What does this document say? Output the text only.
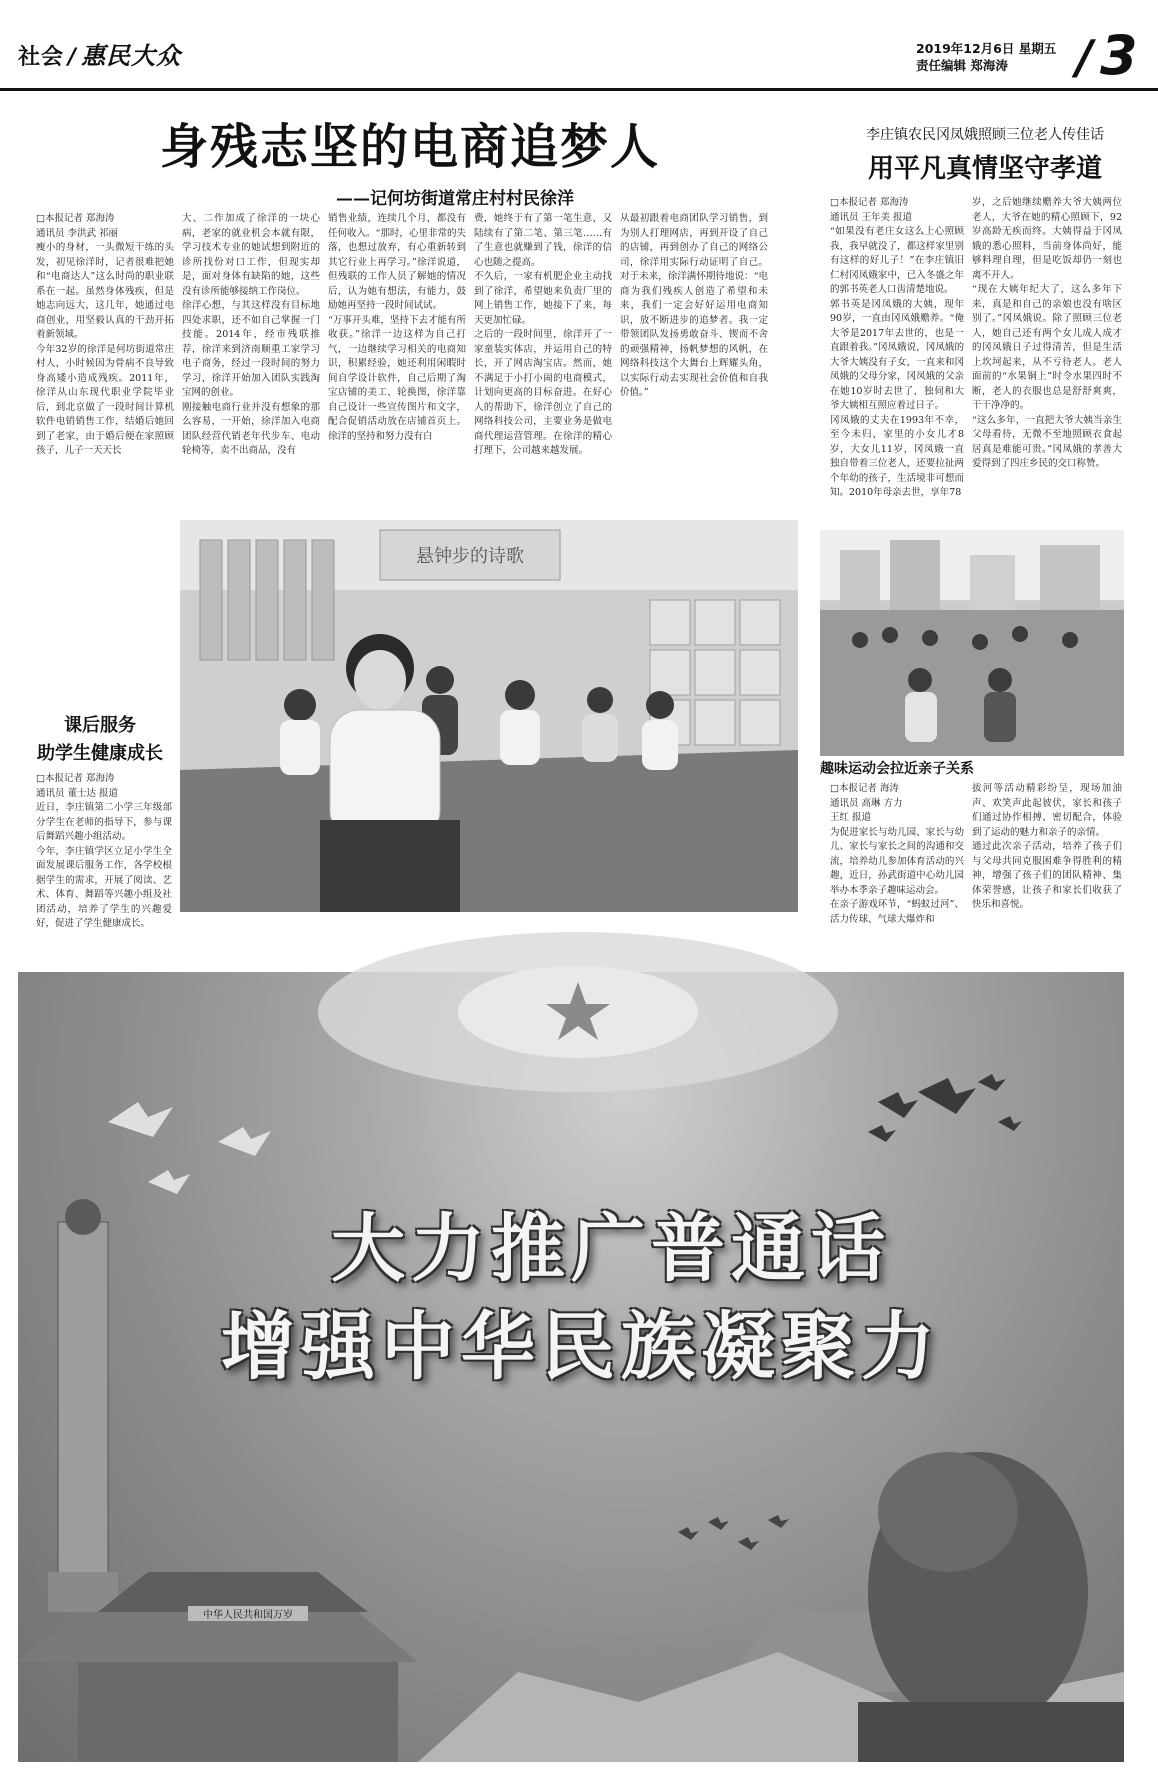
社会 / 惠民大众	2019年12月6日 星期五
责任编辑 郑海涛	/ 3
身残志坚的电商追梦人
——记何坊街道常庄村村民徐洋
□本报记者 郑海涛
通讯员 李洪武 祁丽
瘦小的身材，一头微短干练的头发，初见徐洋时，记者很难把她和“电商达人”这么时尚的职业联系在一起。虽然身体残疾，但是她志向远大，这几年，她通过电商创业，用坚毅认真的干劲开拓着新领域。
今年32岁的徐洋是何坊街道常庄村人，小时候因为骨病不良导致身高矮小造成残疾。2011年，徐洋从山东现代职业学院毕业后，到北京做了一段时间计算机软件电销销售工作，结婚后她回到了老家，由于婚后便在家照顾孩子，儿子一天天长
大、二作加成了徐洋的一块心病，老家的就业机会本就有限，学习技术专业的她试想到附近的诊所找份对口工作，但现实却是，面对身体有缺陷的她，这些没有诊所能够接纳工作岗位。
徐洋心想，与其这样没有目标地四处求职，还不如自己掌握一门技能。2014年，经市残联推荐，徐洋来到济南顺重工家学习电子商务，经过一段时间的努力学习，徐洋开始加入团队实践淘宝网的创业。
刚接触电商行业并没有想象的那么容易，一开始，徐洋加入电商团队经营代销老年代步车、电动轮椅等，卖不出商品，没有
销售业绩，连续几个月，都没有任何收入。“那时，心里非常的失落，也想过放弃，有心重新转到其它行业上再学习。”徐洋说道，但残联的工作人员了解她的情况后，认为她有想法，有能力，鼓励她再坚持一段时间试试。
“万事开头难，坚持下去才能有所收获。”徐洋一边这样为自己打气，一边继续学习相关的电商知识，积累经验，她还利用闲暇时间自学设计软件，自己后期了淘宝店铺的美工、轮换图，徐洋靠自己设计一些宣传图片和文字，配合促销活动放在店铺首页上。徐洋的坚持和努力没有白
费，她终于有了第一笔生意，又陆续有了第二笔、第三笔……有了生意也就赚到了钱，徐洋的信心也随之提高。
不久后，一家有机肥企业主动找到了徐洋，希望她来负责厂里的网上销售工作，她接下了来，每天更加忙碌。
之后的一段时间里，徐洋开了一家童装实体店，并运用自己的特长，开了网店淘宝店。然而，她不满足于小打小闹的电商模式，计划向更高的目标奋进。在好心人的帮助下，徐洋创立了自己的网络科技公司，主要业务是做电商代理运营管理。在徐洋的精心打理下，公司越来越发展。
从最初跟着电商团队学习销售，到为别人打理网店，再到开设了自己的店铺，再到创办了自己的网络公司，徐洋用实际行动证明了自己。对于未来，徐洋满怀期待地说：“电商为我们残疾人创造了希望和未来，我们一定会好好运用电商知识，放不断进步的追梦者。我一定带领团队发扬勇敢奋斗、锲而不舍的顽强精神，扬帆梦想的风帆，在网络科技这个大舞台上辉耀头角，以实际行动去实现社会价值和自我价值。”
李庄镇农民冈凤娥照顾三位老人传佳话
用平凡真情坚守孝道
□本报记者 郑海涛
通讯员 王年美 报道
“如果没有老庄女这么上心照顾我，我早就没了，都这样家里别有这样的好儿子！”在李庄镇旧仁村冈凤娥家中，已入冬盛之年的郭书英老人口齿清楚地说。
郭书英是冈凤娥的大姨，现年90岁，一直由冈凤娥赡养。“俺大爷是2017年去世的，也是一直跟着我。”冈凤娥说，冈凤娥的大爷大姨没有子女，一直来和冈凤娥的父母分家，冈凤娥的父亲在她10岁时去世了，独伺和大爷大姨相互照应着过日子。
冈凤娥的丈夫在1993年不幸，至今未归，家里的小女儿才8岁，大女儿11岁，冈凤娥一直独自带着三位老人，还要拉扯两个年幼的孩子，生活境非可想而知。2010年母亲去世，享年78
岁，之后她继续赡养大爷大姨两位老人，大爷在她的精心照顾下，92岁高龄无疾而终。大姨得益于冈凤娥的悉心照料，当前身体尚好，能够料理自理，但是吃饭却仍一刻也离不开人。
“现在大姨年纪大了，这么多年下来，真是和自己的亲娘也没有啥区别了。”冈凤娥说。除了照顾三位老人，她自己还有两个女儿成人成才的冈凤娥日子过得清苦，但是生活上坎坷起来，从不亏待老人。老人面前的“水果铜上”时令水果四时不断，老人的衣服也总是舒舒爽爽，干干净净的。
“这么多年，一直把大爷大姨当亲生父母看待，无微不至地照顾衣食起居真是难能可贵。”冈凤娥的孝善大爱得到了四庄乡民的交口称赞。
悬钟步的诗歌
课后服务
助学生健康成长
□本报记者 郑海涛
通讯员 董士达 报道
近日，李庄镇第二小学三年级部分学生在老师的指导下，参与课后舞蹈兴趣小组活动。
今年，李庄镇学区立足小学生全面发展课后服务工作，各学校根据学生的需求，开展了阅读、艺术、体育、舞蹈等兴趣小组及社团活动，培养了学生的兴趣爱好，促进了学生健康成长。
趣味运动会拉近亲子关系
□本报记者 海涛
通讯员 高琳 方力
王红 报道
为促进家长与幼儿园、家长与幼儿、家长与家长之间的沟通和交流，培养幼儿参加体育活动的兴趣，近日，孙武街道中心幼儿园举办本季亲子趣味运动会。
在亲子游戏环节，“蚂蚁过河”、活力传球、气球大爆炸和
拔河等活动精彩纷呈，现场加油声、欢笑声此起彼伏，家长和孩子们通过协作相搏、密切配合，体验到了运动的魅力和亲子的亲情。
通过此次亲子活动，培养了孩子们与父母共同克服困难争得胜利的精神，增强了孩子们的团队精神、集体荣誉感，让孩子和家长们收获了快乐和喜悦。
大力推广普通话
增强中华民族凝聚力
中华人民共和国万岁
